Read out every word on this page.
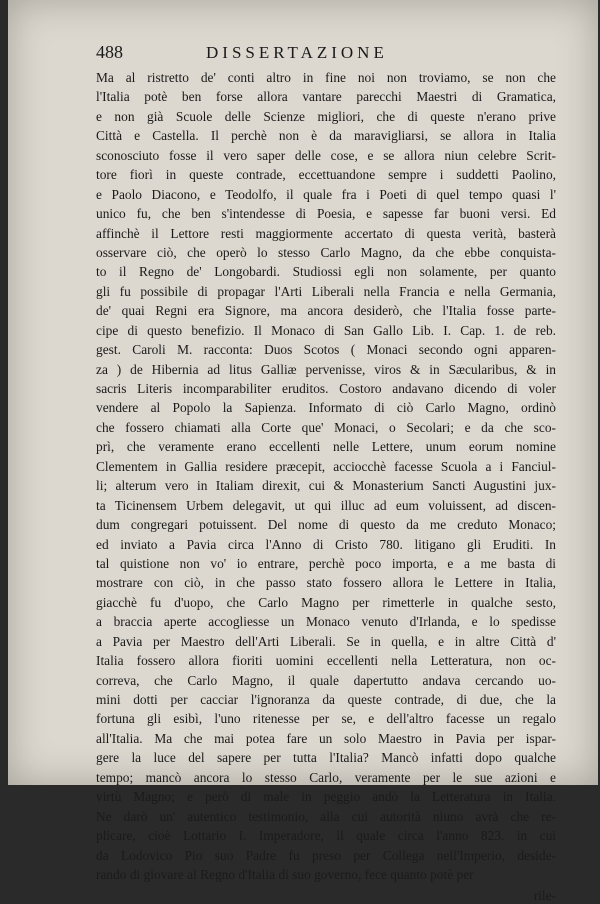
488	DISSERTAZIONE
Ma al ristretto de' conti altro in fine noi non troviamo, se non che
l'Italia potè ben forse allora vantare parecchi Maestri di Gramatica,
e non già Scuole delle Scienze migliori, che di queste n'erano prive
Città e Castella. Il perchè non è da maravigliarsi, se allora in Italia
sconosciuto fosse il vero saper delle cose, e se allora niun celebre Scrit-
tore fiorì in queste contrade, eccettuandone sempre i suddetti Paolino,
e Paolo Diacono, e Teodolfo, il quale fra i Poeti di quel tempo quasi l'
unico fu, che ben s'intendesse di Poesia, e sapesse far buoni versi. Ed
affinchè il Lettore resti maggiormente accertato di questa verità, basterà
osservare ciò, che operò lo stesso Carlo Magno, da che ebbe conquista-
to il Regno de' Longobardi. Studiossi egli non solamente, per quanto
gli fu possibile di propagar l'Arti Liberali nella Francia e nella Germania,
de' quai Regni era Signore, ma ancora desiderò, che l'Italia fosse parte-
cipe di questo benefizio. Il Monaco di San Gallo Lib. I. Cap. 1. de reb.
gest. Caroli M. racconta: Duos Scotos ( Monaci secondo ogni apparen-
za ) de Hibernia ad litus Galliæ pervenisse, viros & in Sæcularibus, & in
sacris Literis incomparabiliter eruditos. Costoro andavano dicendo di voler
vendere al Popolo la Sapienza. Informato di ciò Carlo Magno, ordinò
che fossero chiamati alla Corte que' Monaci, o Secolari; e da che sco-
prì, che veramente erano eccellenti nelle Lettere, unum eorum nomine
Clementem in Gallia residere præcepit, acciocchè facesse Scuola a i Fanciul-
li; alterum vero in Italiam direxit, cui & Monasterium Sancti Augustini jux-
ta Ticinensem Urbem delegavit, ut qui illuc ad eum voluissent, ad discen-
dum congregari potuissent. Del nome di questo da me creduto Monaco;
ed inviato a Pavia circa l'Anno di Cristo 780. litigano gli Eruditi. In
tal quistione non vo' io entrare, perchè poco importa, e a me basta di
mostrare con ciò, in che passo stato fossero allora le Lettere in Italia,
giacchè fu d'uopo, che Carlo Magno per rimetterle in qualche sesto,
a braccia aperte accogliesse un Monaco venuto d'Irlanda, e lo spedisse
a Pavia per Maestro dell'Arti Liberali. Se in quella, e in altre Città d'
Italia fossero allora fioriti uomini eccellenti nella Letteratura, non oc-
correva, che Carlo Magno, il quale dapertutto andava cercando uo-
mini dotti per cacciar l'ignoranza da queste contrade, di due, che la
fortuna gli esibì, l'uno ritenesse per se, e dell'altro facesse un regalo
all'Italia. Ma che mai potea fare un solo Maestro in Pavia per ispar-
gere la luce del sapere per tutta l'Italia? Mancò infatti dopo qualche
tempo; mancò ancora lo stesso Carlo, veramente per le sue azioni e
virtù Magno; e però di male in peggio andò la Letteratura in Italia.
Ne darò un' autentico testimonio, alla cui autorità niuno avrà che re-
plicare, cioè Lottario I. Imperadore, il quale circa l'anno 823. in cui
da Lodovico Pio suo Padre fu preso per Collega nell'Imperio, deside-
rando di giovare al Regno d'Italia di suo governo, fece quanto potè per
rile-
